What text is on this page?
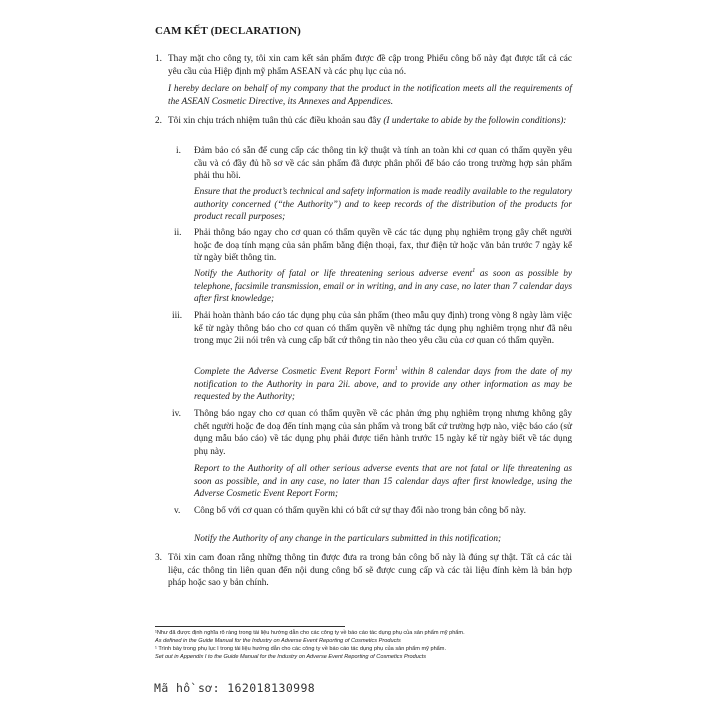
CAM KẾT (DECLARATION)
1. Thay mặt cho công ty, tôi xin cam kết sản phẩm được đề cập trong Phiếu công bố này đạt được tất cả các yêu cầu của Hiệp định mỹ phẩm ASEAN và các phụ lục của nó.
I hereby declare on behalf of my company that the product in the notification meets all the requirements of the ASEAN Cosmetic Directive, its Annexes and Appendices.
2. Tôi xin chịu trách nhiệm tuân thủ các điều khoản sau đây (I undertake to abide by the followin conditions):
i. Đảm bảo có sẵn để cung cấp các thông tin kỹ thuật và tính an toàn khi cơ quan có thẩm quyền yêu cầu và có đầy đủ hồ sơ về các sản phẩm đã được phân phối để báo cáo trong trường hợp sản phẩm phải thu hồi.
Ensure that the product’s technical and safety information is made readily available to the regulatory authority concerned (“the Authority”) and to keep records of the distribution of the products for product recall purposes;
ii. Phải thông báo ngay cho cơ quan có thẩm quyền về các tác dụng phụ nghiêm trọng gây chết người hoặc đe doạ tính mạng của sản phẩm bằng điện thoại, fax, thư điện tử hoặc văn bản trước 7 ngày kể từ ngày biết thông tin.
Notify the Authority of fatal or life threatening serious adverse event$^1$ as soon as possible by telephone, facsimile transmission, email or in writing, and in any case, no later than 7 calendar days after first knowledge;
iii. Phải hoàn thành báo cáo tác dụng phụ của sản phẩm (theo mẫu quy định) trong vòng 8 ngày làm việc kể từ ngày thông báo cho cơ quan có thẩm quyền về những tác dụng phụ nghiêm trọng như đã nêu trong mục 2ii nói trên và cung cấp bất cứ thông tin nào theo yêu cầu của cơ quan có thẩm quyền.
Complete the Adverse Cosmetic Event Report Form$^1$ within 8 calendar days from the date of my notification to the Authority in para 2ii. above, and to provide any other information as may be requested by the Authority;
iv. Thông báo ngay cho cơ quan có thẩm quyền về các phản ứng phụ nghiêm trọng nhưng không gây chết người hoặc đe doạ đến tính mạng của sản phẩm và trong bất cứ trường hợp nào, việc báo cáo (sử dụng mẫu báo cáo) về tác dụng phụ phải được tiến hành trước 15 ngày kể từ ngày biết về tác dụng phụ này.
Report to the Authority of all other serious adverse events that are not fatal or life threatening as soon as possible, and in any case, no later than 15 calendar days after first knowledge, using the Adverse Cosmetic Event Report Form;
v. Công bố với cơ quan có thẩm quyền khi có bất cứ sự thay đổi nào trong bản công bố này.
Notify the Authority of any change in the particulars submitted in this notification;
3. Tôi xin cam đoan rằng những thông tin được đưa ra trong bản công bố này là đúng sự thật. Tất cả các tài liệu, các thông tin liên quan đến nội dung công bố sẽ được cung cấp và các tài liệu đính kèm là bản hợp pháp hoặc sao y bản chính.
¹Như đã được định nghĩa rõ ràng trong tài liệu hướng dẫn cho các công ty về báo cáo tác dụng phụ của sản phẩm mỹ phẩm.
As defined in the Guide Manual for the Industry on Adverse Event Reporting of Cosmetics Products
¹ Trình bày trong phụ lục I trong tài liệu hướng dẫn cho các công ty về báo cáo tác dụng phụ của sản phẩm mỹ phẩm.
Set out in Appendix I to the Guide Manual for the Industry on Adverse Event Reporting of Cosmetics Products
Mã hồ sơ: 162018130998
